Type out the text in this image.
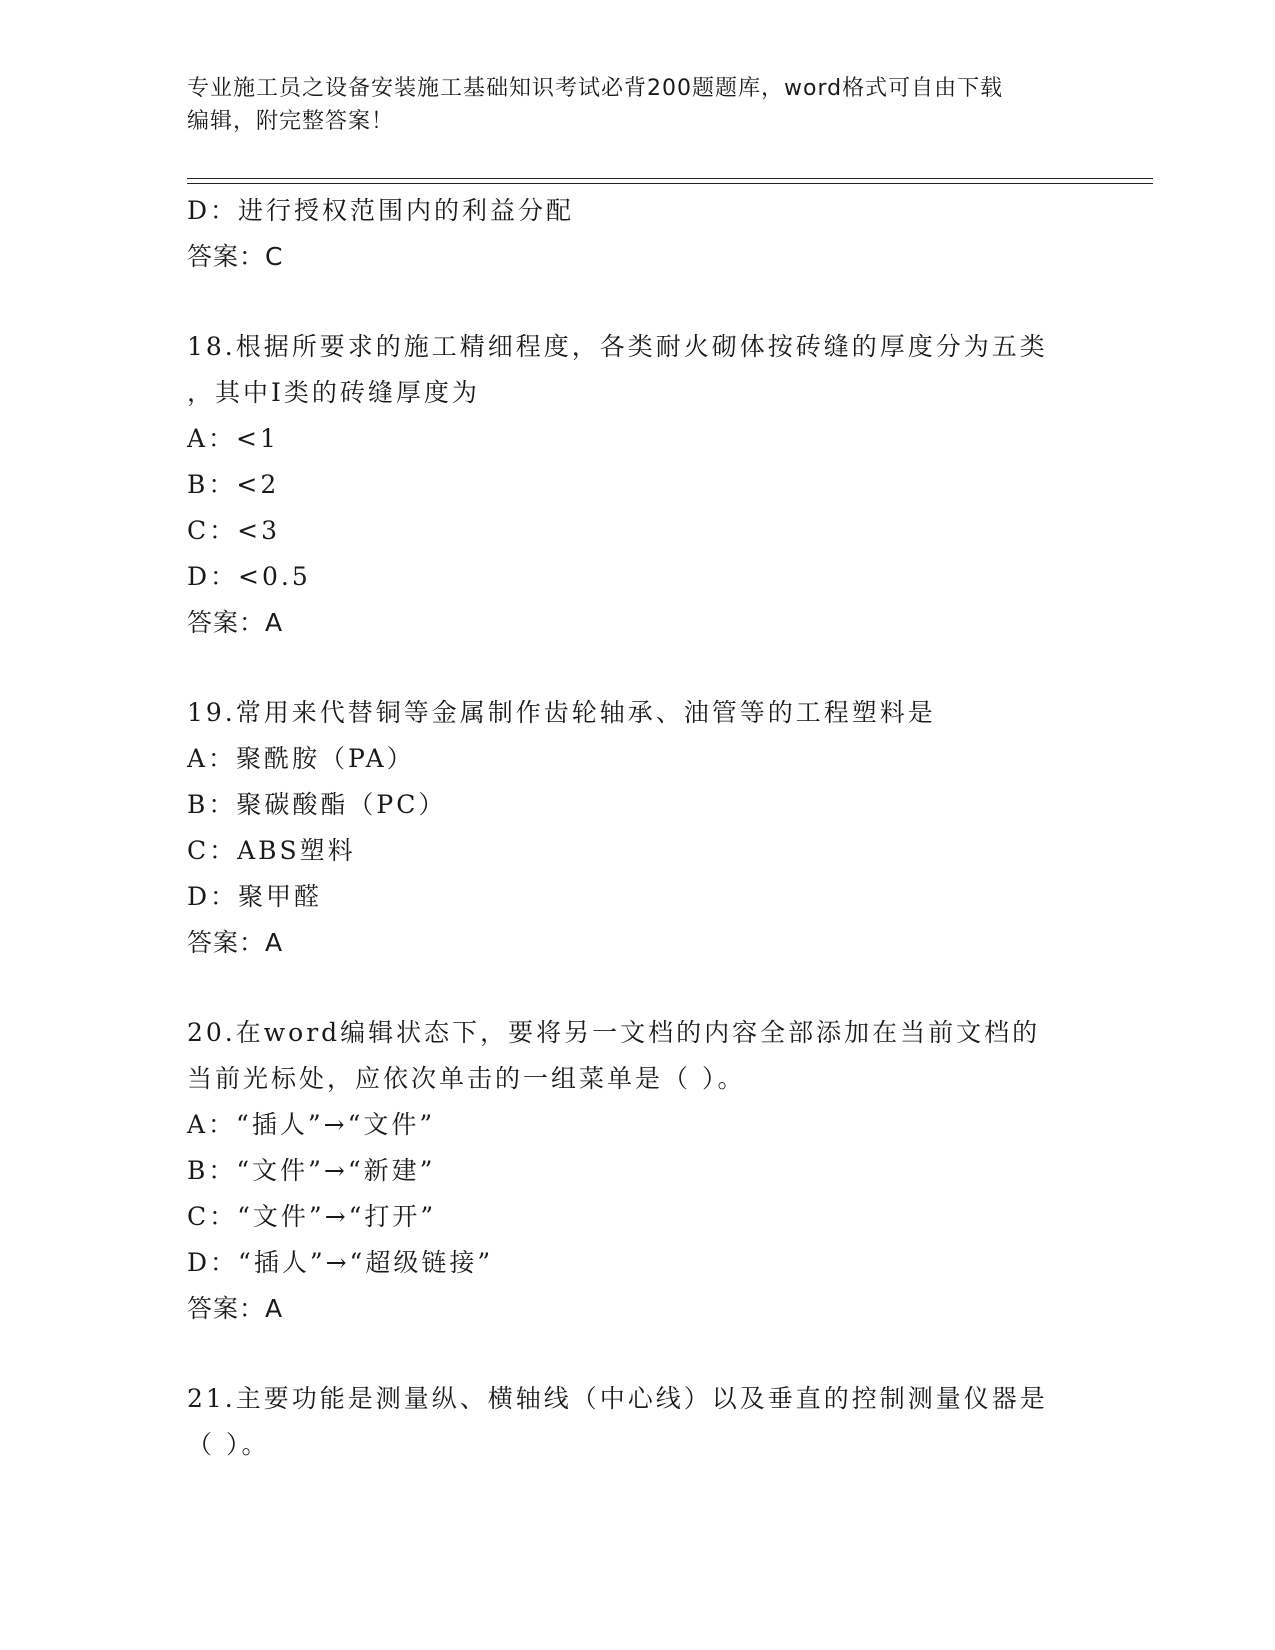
专业施工员之设备安装施工基础知识考试必背200题题库，word格式可自由下载
编辑，附完整答案！
D：进行授权范围内的利益分配
答案：C
18.根据所要求的施工精细程度，各类耐火砌体按砖缝的厚度分为五类
，其中Ⅰ类的砖缝厚度为
A：<1
B：<2
C：<3
D：<0.5
答案：A
19.常用来代替铜等金属制作齿轮轴承、油管等的工程塑料是
A：聚酰胺（PA）
B：聚碳酸酯（PC）
C：ABS塑料
D：聚甲醛
答案：A
20.在word编辑状态下，要将另一文档的内容全部添加在当前文档的
当前光标处，应依次单击的一组菜单是（ ）。
A：“插人”→“文件”
B：“文件”→“新建”
C：“文件”→“打开”
D：“插人”→“超级链接”
答案：A
21.主要功能是测量纵、横轴线（中心线）以及垂直的控制测量仪器是
（ ）。
